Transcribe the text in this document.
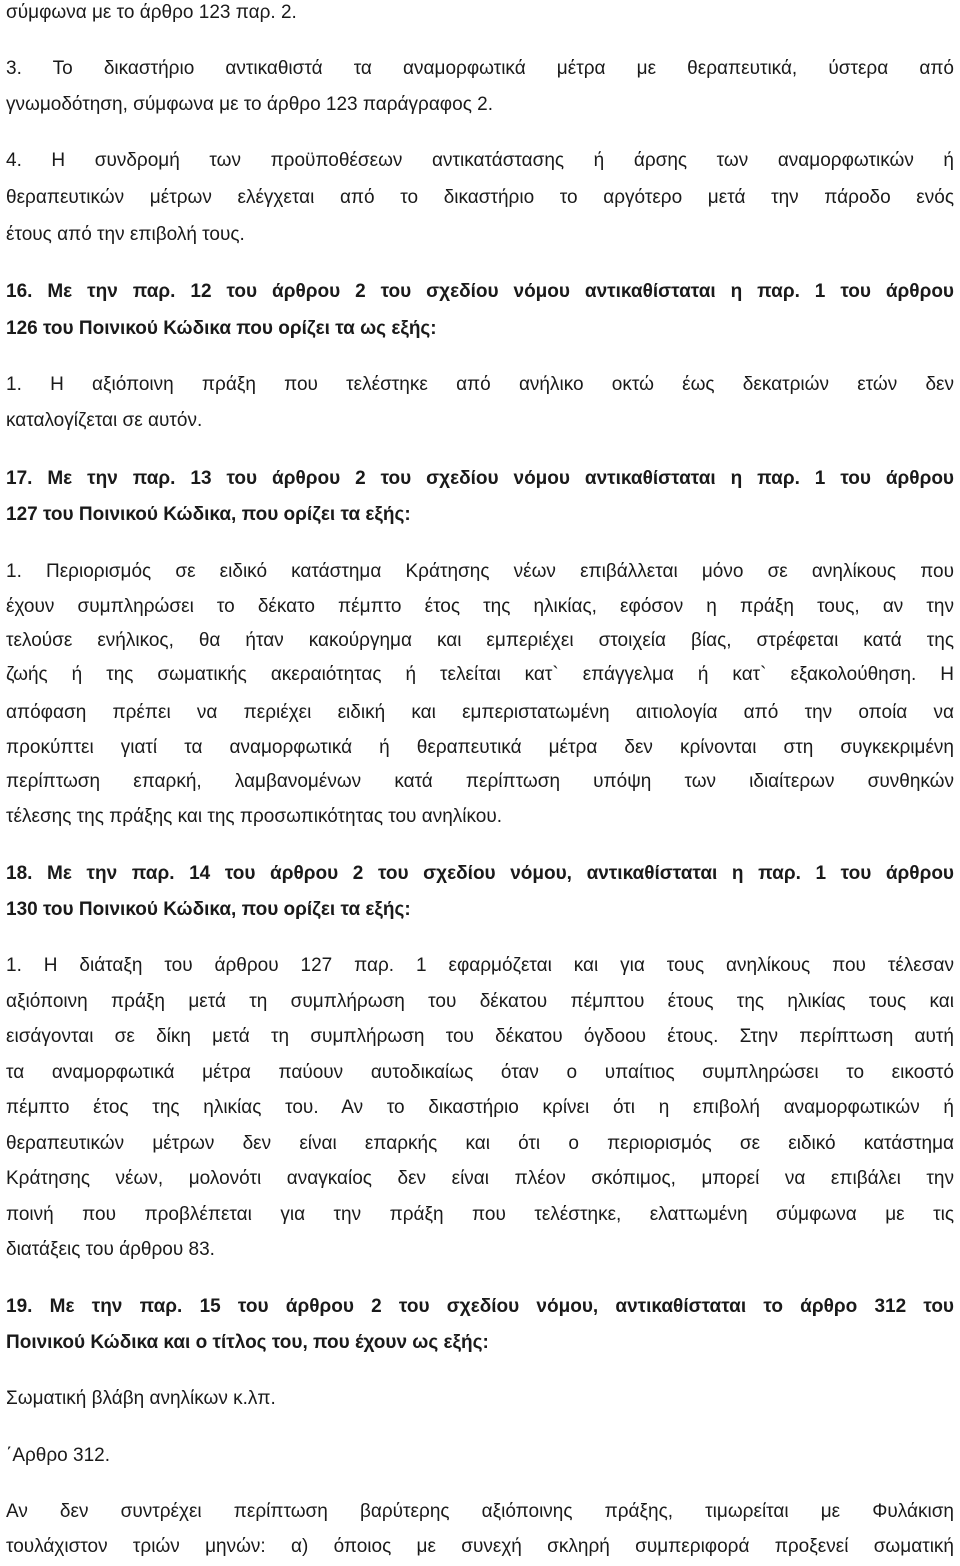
σύμφωνα με το άρθρο 123 παρ. 2.
3. Το δικαστήριο αντικαθιστά τα αναμορφωτικά μέτρα με θεραπευτικά, ύστερα από
γνωμοδότηση, σύμφωνα με το άρθρο 123 παράγραφος 2.
4. Η συνδρομή των προϋποθέσεων αντικατάστασης ή άρσης των αναμορφωτικών ή
θεραπευτικών μέτρων ελέγχεται από το δικαστήριο το αργότερο μετά την πάροδο ενός
έτους από την επιβολή τους.
16. Με την παρ. 12 του άρθρου 2 του σχεδίου νόμου αντικαθίσταται η παρ. 1 του άρθρου
126 του Ποινικού Κώδικα που ορίζει τα ως εξής:
1. Η αξιόποινη πράξη που τελέστηκε από ανήλικο οκτώ έως δεκατριών ετών δεν
καταλογίζεται σε αυτόν.
17. Με την παρ. 13 του άρθρου 2 του σχεδίου νόμου αντικαθίσταται η παρ. 1 του άρθρου
127 του Ποινικού Κώδικα, που ορίζει τα εξής:
1. Περιορισμός σε ειδικό κατάστημα Κράτησης νέων επιβάλλεται μόνο σε ανηλίκους που
έχουν συμπληρώσει το δέκατο πέμπτο έτος της ηλικίας, εφόσον η πράξη τους, αν την
τελούσε ενήλικος, θα ήταν κακούργημα και εμπεριέχει στοιχεία βίας, στρέφεται κατά της
ζωής ή της σωματικής ακεραιότητας ή τελείται κατ` επάγγελμα ή κατ` εξακολούθηση. Η
απόφαση πρέπει να περιέχει ειδική και εμπεριστατωμένη αιτιολογία από την οποία να
προκύπτει γιατί τα αναμορφωτικά ή θεραπευτικά μέτρα δεν κρίνονται στη συγκεκριμένη
περίπτωση επαρκή, λαμβανομένων κατά περίπτωση υπόψη των ιδιαίτερων συνθηκών
τέλεσης της πράξης και της προσωπικότητας του ανηλίκου.
18. Με την παρ. 14 του άρθρου 2 του σχεδίου νόμου, αντικαθίσταται η παρ. 1 του άρθρου
130 του Ποινικού Κώδικα, που ορίζει τα εξής:
1. Η διάταξη του άρθρου 127 παρ. 1 εφαρμόζεται και για τους ανηλίκους που τέλεσαν
αξιόποινη πράξη μετά τη συμπλήρωση του δέκατου πέμπτου έτους της ηλικίας τους και
εισάγονται σε δίκη μετά τη συμπλήρωση του δέκατου όγδοου έτους. Στην περίπτωση αυτή
τα αναμορφωτικά μέτρα παύουν αυτοδικαίως όταν ο υπαίτιος συμπληρώσει το εικοστό
πέμπτο έτος της ηλικίας του. Αν το δικαστήριο κρίνει ότι η επιβολή αναμορφωτικών ή
θεραπευτικών μέτρων δεν είναι επαρκής και ότι ο περιορισμός σε ειδικό κατάστημα
Κράτησης νέων, μολονότι αναγκαίος δεν είναι πλέον σκόπιμος, μπορεί να επιβάλει την
ποινή που προβλέπεται για την πράξη που τελέστηκε, ελαττωμένη σύμφωνα με τις
διατάξεις του άρθρου 83.
19. Με την παρ. 15 του άρθρου 2 του σχεδίου νόμου, αντικαθίσταται το άρθρο 312 του
Ποινικού Κώδικα και ο τίτλος του, που έχουν ως εξής:
Σωματική βλάβη ανηλίκων κ.λπ.
΄Αρθρο 312.
Αν δεν συντρέχει περίπτωση βαρύτερης αξιόποινης πράξης, τιμωρείται με Φυλάκιση
τουλάχιστον τριών μηνών: α) όποιος με συνεχή σκληρή συμπεριφορά προξενεί σωματική
